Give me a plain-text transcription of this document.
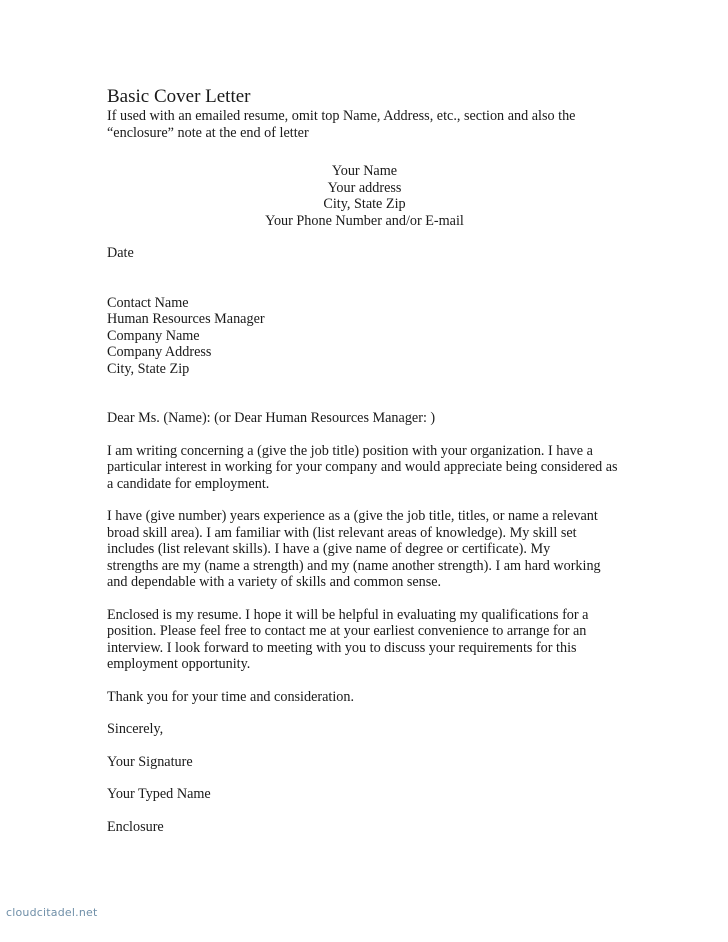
Basic Cover Letter

If used with an emailed resume, omit top Name, Address, etc., section and also the
“enclosure” note at the end of letter

Your Name
Your address
City, State Zip
Your Phone Number and/or E-mail
Date
Contact Name
Human Resources Manager
Company Name
Company Address
City, State Zip
Dear Ms. (Name): (or Dear Human Resources Manager: )

I am writing concerning a (give the job title) position with your organization. I have a
particular interest in working for your company and would appreciate being considered as
a candidate for employment.

I have (give number) years experience as a (give the job title, titles, or name a relevant
broad skill area). I am familiar with (list relevant areas of knowledge). My skill set
includes (list relevant skills). I have a (give name of degree or certificate). My
strengths are my (name a strength) and my (name another strength). I am hard working
and dependable with a variety of skills and common sense.

Enclosed is my resume. I hope it will be helpful in evaluating my qualifications for a
position. Please feel free to contact me at your earliest convenience to arrange for an
interview. I look forward to meeting with you to discuss your requirements for this
employment opportunity.

Thank you for your time and consideration.
Sincerely,
Your Signature
Your Typed Name
Enclosure
cloudcitadel.net
